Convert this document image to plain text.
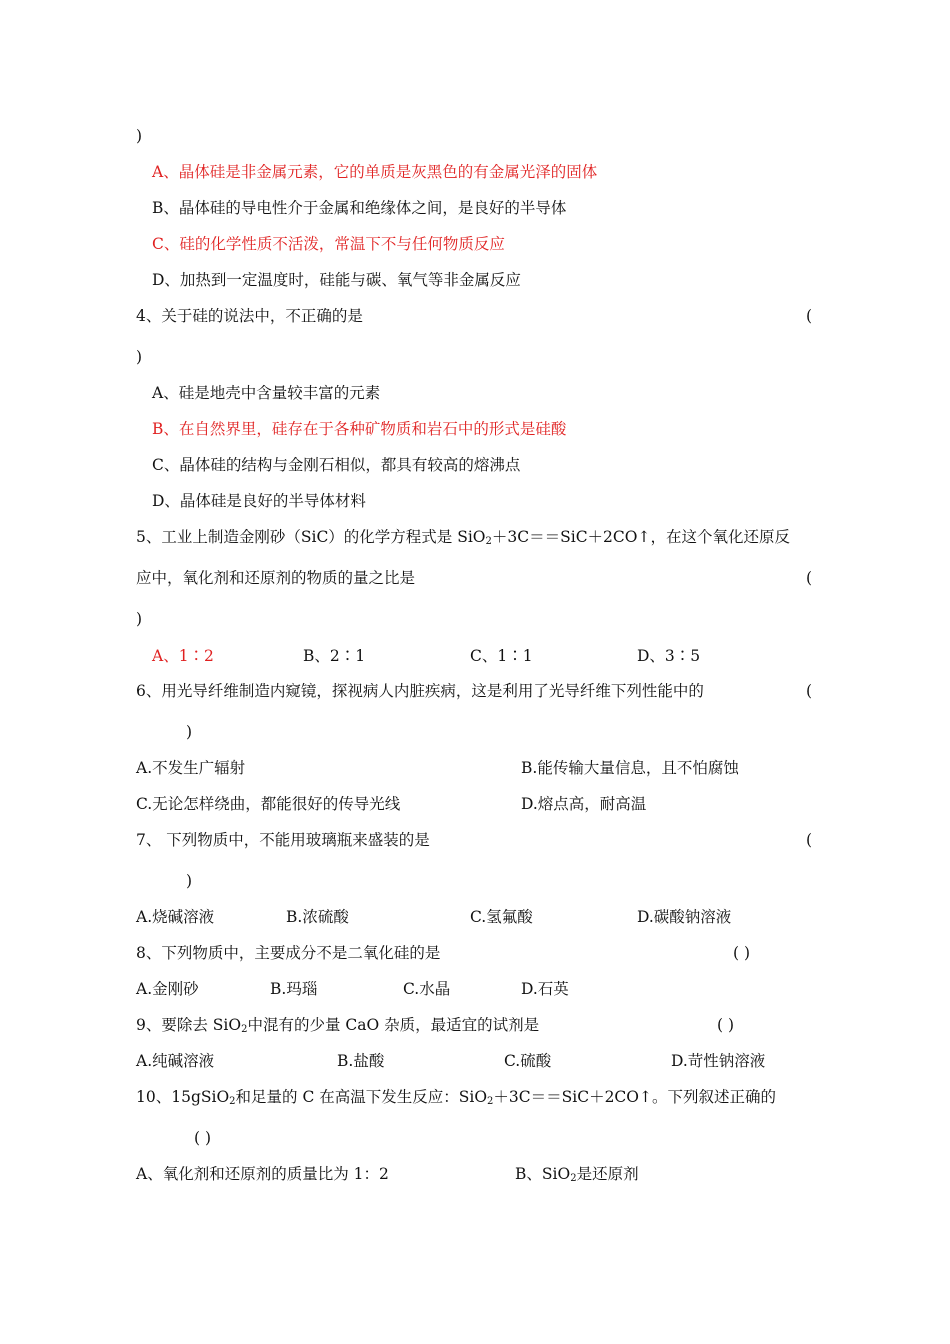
)
A、晶体硅是非金属元素，它的单质是灰黑色的有金属光泽的固体
B、晶体硅的导电性介于金属和绝缘体之间，是良好的半导体
C、硅的化学性质不活泼，常温下不与任何物质反应
D、加热到一定温度时，硅能与碳、氧气等非金属反应
4、关于硅的说法中，不正确的是	(
)
A、硅是地壳中含量较丰富的元素
B、在自然界里，硅存在于各种矿物质和岩石中的形式是硅酸
C、晶体硅的结构与金刚石相似，都具有较高的熔沸点
D、晶体硅是良好的半导体材料
5、工业上制造金刚砂（SiC）的化学方程式是 SiO$_2$＋3C＝＝SiC＋2CO↑，在这个氧化还原反
应中，氧化剂和还原剂的物质的量之比是	(
)
A、1∶2	B、2∶1	C、1∶1	D、3∶5
6、用光导纤维制造内窥镜，探视病人内脏疾病，这是利用了光导纤维下列性能中的	(
)
A.不发生广辐射	B.能传输大量信息，且不怕腐蚀
C.无论怎样绕曲，都能很好的传导光线	D.熔点高，耐高温
7、 下列物质中，不能用玻璃瓶来盛装的是	(
)
A.烧碱溶液	B.浓硫酸	C.氢氟酸	D.碳酸钠溶液
8、下列物质中，主要成分不是二氧化硅的是	( )
A.金刚砂	B.玛瑙	C.水晶	D.石英
9、要除去 SiO$_2$中混有的少量 CaO 杂质，最适宜的试剂是	( )
A.纯碱溶液	B.盐酸	C.硫酸	D.苛性钠溶液
10、15gSiO$_2$和足量的 C 在高温下发生反应：SiO$_2$＋3C＝＝SiC＋2CO↑。下列叙述正确的
( )
A、氧化剂和还原剂的质量比为 1：2	B、SiO$_2$是还原剂
